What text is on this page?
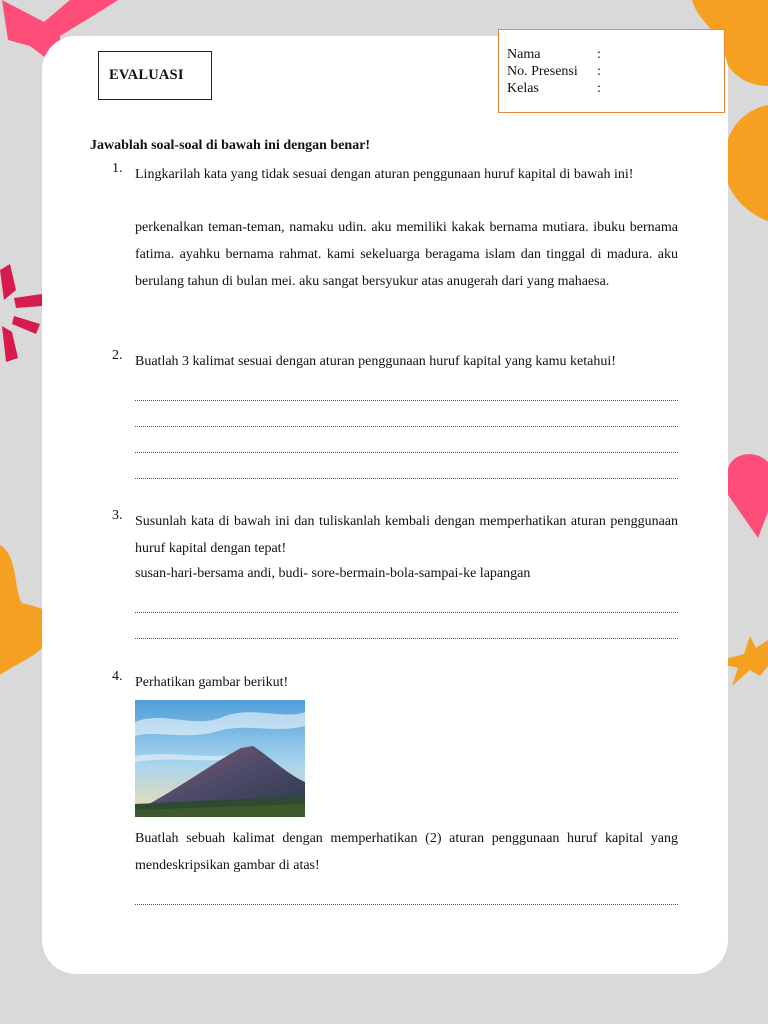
EVALUASI
Nama	:
No. Presensi	:
Kelas	:
Jawablah soal-soal di bawah ini dengan benar!
1. Lingkarilah kata yang tidak sesuai dengan aturan penggunaan huruf kapital di bawah ini!
perkenalkan teman-teman, namaku udin. aku memiliki kakak bernama mutiara. ibuku bernama fatima. ayahku bernama rahmat. kami sekeluarga beragama islam dan tinggal di madura. aku berulang tahun di bulan mei. aku sangat bersyukur atas anugerah dari yang mahaesa.
2. Buatlah 3 kalimat sesuai dengan aturan penggunaan huruf kapital yang kamu ketahui!
3. Susunlah kata di bawah ini dan tuliskanlah kembali dengan memperhatikan aturan penggunaan huruf kapital dengan tepat!
susan-hari-bersama andi, budi- sore-bermain-bola-sampai-ke lapangan
4. Perhatikan gambar berikut!
Buatlah sebuah kalimat dengan memperhatikan (2) aturan penggunaan huruf kapital yang mendeskripsikan gambar di atas!
